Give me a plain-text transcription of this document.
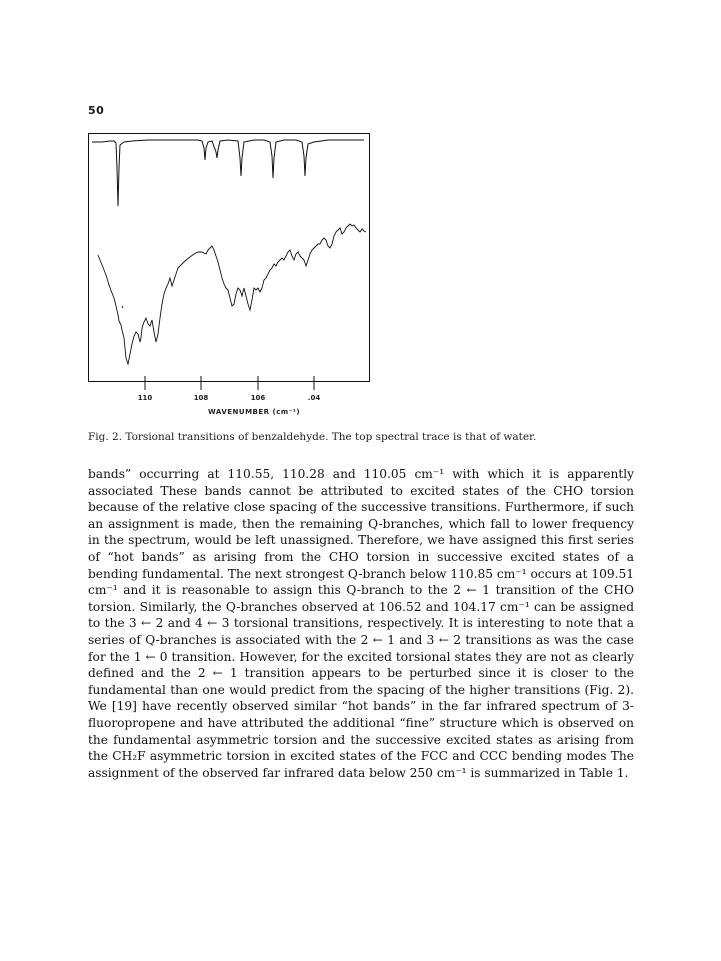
50
110	108	106	.04
WAVENUMBER (cm⁻¹)
Fig. 2. Torsional transitions of benzaldehyde. The top spectral trace is that of water.

bands” occurring at 110.55, 110.28 and 110.05 cm⁻¹ with which it is apparently associated These bands cannot be attributed to excited states of the CHO torsion because of the relative close spacing of the successive transitions. Furthermore, if such an assignment is made, then the remaining Q-branches, which fall to lower frequency in the spectrum, would be left unassigned. Therefore, we have assigned this first series of “hot bands” as arising from the CHO torsion in successive excited states of a bending fundamental. The next strongest Q-branch below 110.85 cm⁻¹ occurs at 109.51 cm⁻¹ and it is reasonable to assign this Q-branch to the 2 ← 1 transition of the CHO torsion. Similarly, the Q-branches observed at 106.52 and 104.17 cm⁻¹ can be assigned to the 3 ← 2 and 4 ← 3 torsional transitions, respectively. It is interesting to note that a series of Q-branches is associated with the 2 ← 1 and 3 ← 2 transitions as was the case for the 1 ← 0 transition. However, for the excited torsional states they are not as clearly defined and the 2 ← 1 transition appears to be perturbed since it is closer to the fundamental than one would predict from the spacing of the higher transitions (Fig. 2). We [19] have recently observed similar “hot bands” in the far infrared spectrum of 3-fluoropropene and have attributed the additional “fine” structure which is observed on the fundamental asymmetric torsion and the successive excited states as arising from the CH₂F asymmetric torsion in excited states of the FCC and CCC bending modes The assignment of the observed far infrared data below 250 cm⁻¹ is summarized in Table 1.
